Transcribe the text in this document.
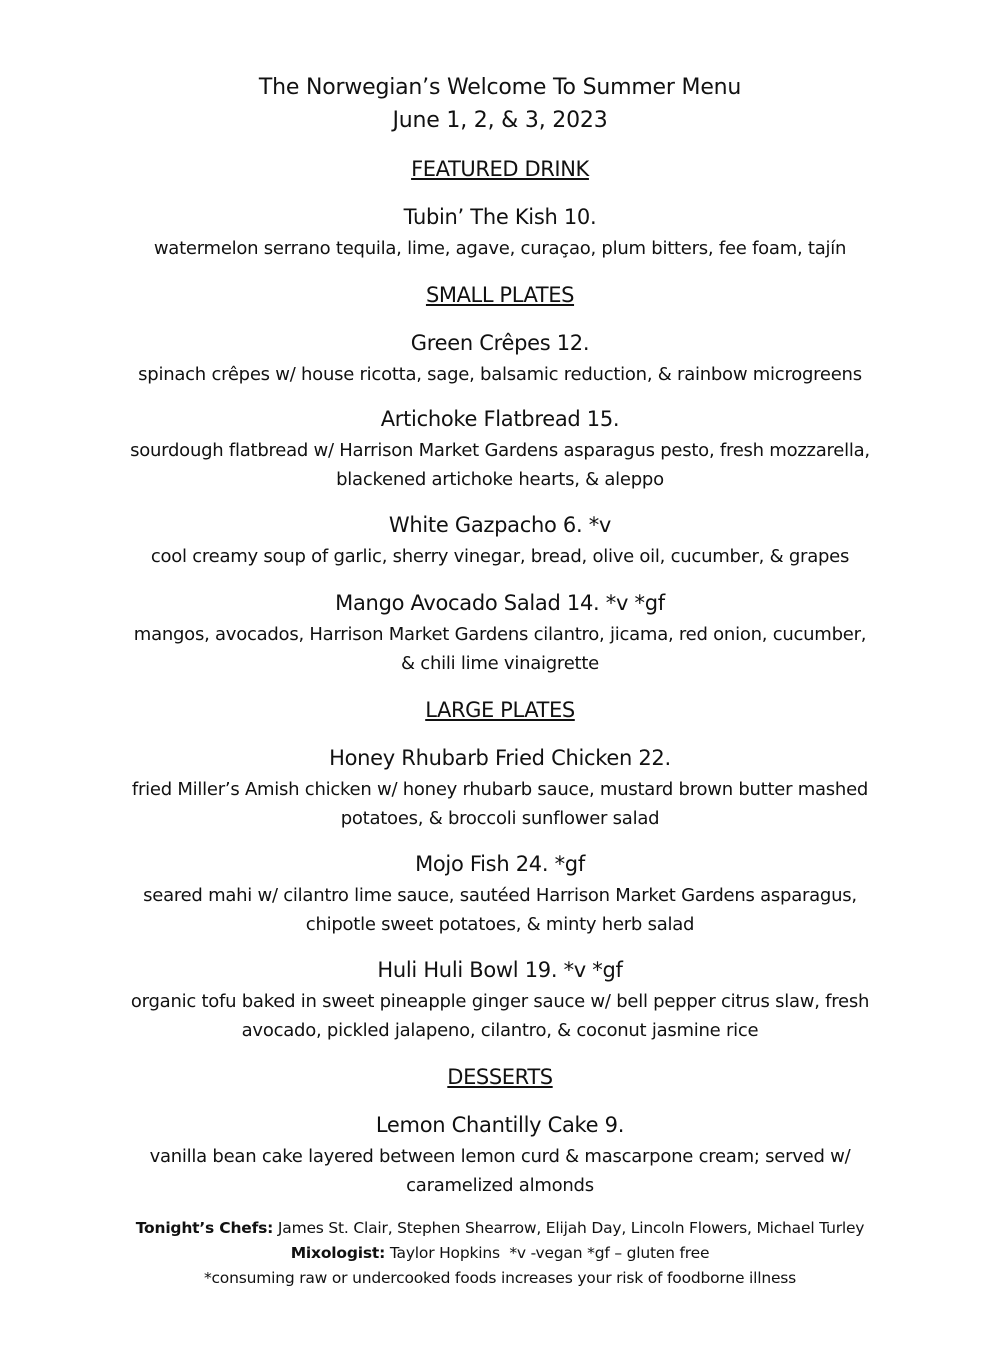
The Norwegian’s Welcome To Summer Menu
June 1, 2, & 3, 2023
FEATURED DRINK
Tubin’ The Kish 10.
watermelon serrano tequila, lime, agave, curaçao, plum bitters, fee foam, tajín
SMALL PLATES
Green Crêpes 12.
spinach crêpes w/ house ricotta, sage, balsamic reduction, & rainbow microgreens
Artichoke Flatbread 15.
sourdough flatbread w/ Harrison Market Gardens asparagus pesto, fresh mozzarella,
blackened artichoke hearts, & aleppo
White Gazpacho 6. *v
cool creamy soup of garlic, sherry vinegar, bread, olive oil, cucumber, & grapes
Mango Avocado Salad 14. *v *gf
mangos, avocados, Harrison Market Gardens cilantro, jicama, red onion, cucumber,
& chili lime vinaigrette
LARGE PLATES
Honey Rhubarb Fried Chicken 22.
fried Miller’s Amish chicken w/ honey rhubarb sauce, mustard brown butter mashed
potatoes, & broccoli sunflower salad
Mojo Fish 24. *gf
seared mahi w/ cilantro lime sauce, sautéed Harrison Market Gardens asparagus,
chipotle sweet potatoes, & minty herb salad
Huli Huli Bowl 19. *v *gf
organic tofu baked in sweet pineapple ginger sauce w/ bell pepper citrus slaw, fresh
avocado, pickled jalapeno, cilantro, & coconut jasmine rice
DESSERTS
Lemon Chantilly Cake 9.
vanilla bean cake layered between lemon curd & mascarpone cream; served w/
caramelized almonds
Tonight’s Chefs: James St. Clair, Stephen Shearrow, Elijah Day, Lincoln Flowers, Michael Turley
Mixologist: Taylor Hopkins *v -vegan *gf – gluten free
*consuming raw or undercooked foods increases your risk of foodborne illness
